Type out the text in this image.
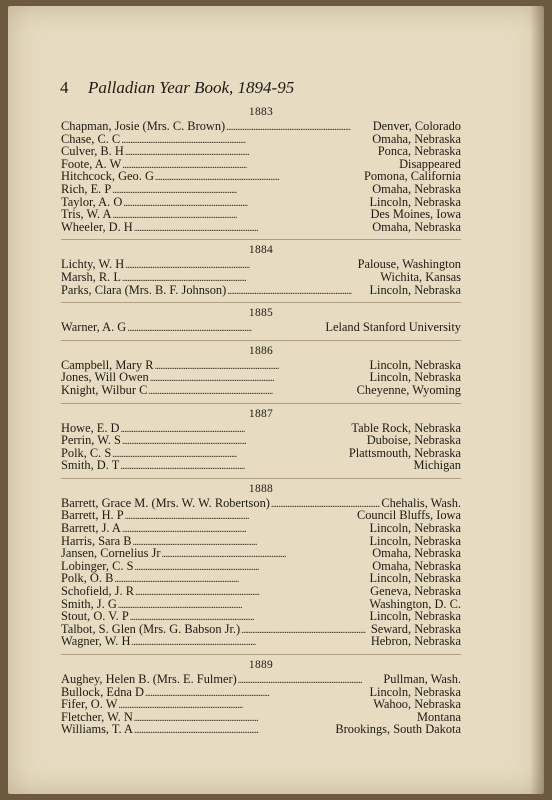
4 Palladian Year Book, 1894-95
1883
Chapman, Josie (Mrs. C. Brown) . . .	Denver, Colorado
Chase, C. C . . .	Omaha, Nebraska
Culver, B. H . . .	Ponca, Nebraska
Foote, A. W . . .	Disappeared
Hitchcock, Geo. G . . .	Pomona, California
Rich, E. P . . .	Omaha, Nebraska
Taylor, A. O . . .	Lincoln, Nebraska
Tris, W. A . . .	Des Moines, Iowa
Wheeler, D. H . . .	Omaha, Nebraska
1884
Lichty, W. H . . .	Palouse, Washington
Marsh, R. L . . .	Wichita, Kansas
Parks, Clara (Mrs. B. F. Johnson) . . .	Lincoln, Nebraska
1885
Warner, A. G . . .	Leland Stanford University
1886
Campbell, Mary R . . .	Lincoln, Nebraska
Jones, Will Owen . . .	Lincoln, Nebraska
Knight, Wilbur C . . .	Cheyenne, Wyoming
1887
Howe, E. D . . .	Table Rock, Nebraska
Perrin, W. S . . .	Duboise, Nebraska
Polk, C. S . . .	Plattsmouth, Nebraska
Smith, D. T . . .	Michigan
1888
Barrett, Grace M. (Mrs. W. W. Robertson) . . .	Chehalis, Wash.
Barrett, H. P . . .	Council Bluffs, Iowa
Barrett, J. A . . .	Lincoln, Nebraska
Harris, Sara B . . .	Lincoln, Nebraska
Jansen, Cornelius Jr . . .	Omaha, Nebraska
Lobinger, C. S . . .	Omaha, Nebraska
Polk, O. B . . .	Lincoln, Nebraska
Schofield, J. R . . .	Geneva, Nebraska
Smith, J. G . . .	Washington, D. C.
Stout, O. V. P . . .	Lincoln, Nebraska
Talbot, S. Glen (Mrs. G. Babson Jr.) . . .	Seward, Nebraska
Wagner, W. H . . .	Hebron, Nebraska
1889
Aughey, Helen B. (Mrs. E. Fulmer) . . .	Pullman, Wash.
Bullock, Edna D . . .	Lincoln, Nebraska
Fifer, O. W . . .	Wahoo, Nebraska
Fletcher, W. N . . .	Montana
Williams, T. A . . .	Brookings, South Dakota
